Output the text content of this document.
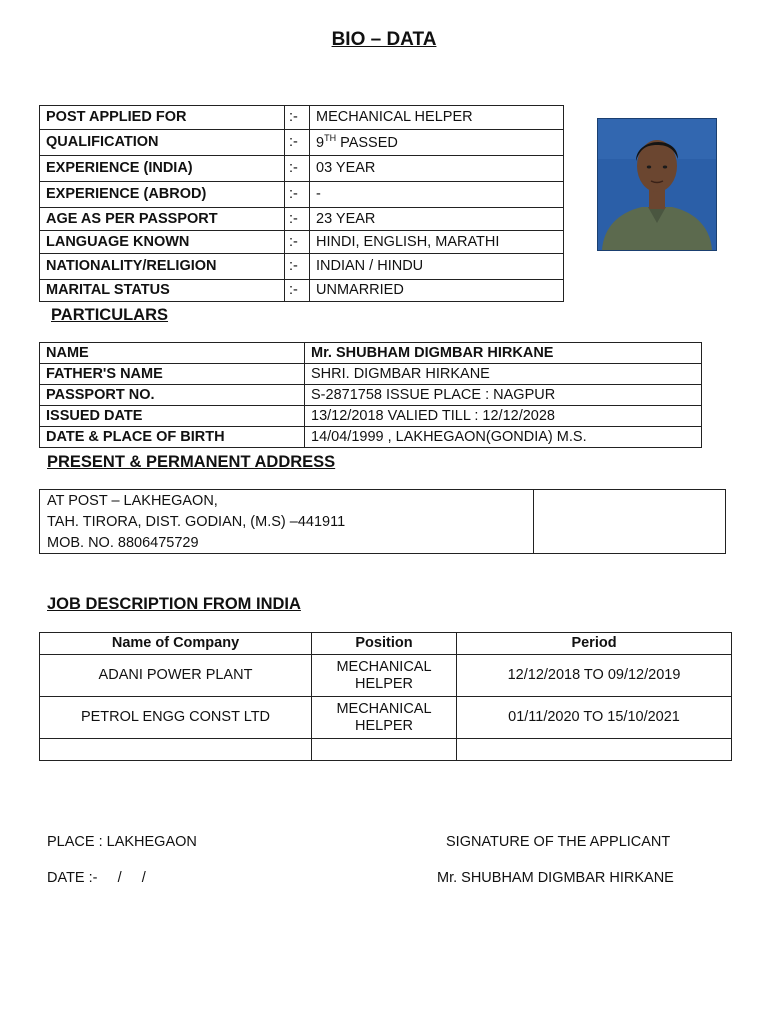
BIO – DATA
POST APPLIED FOR	:-	MECHANICAL HELPER
QUALIFICATION	:-	9TH PASSED
EXPERIENCE (INDIA)	:-	03 YEAR
EXPERIENCE (ABROD)	:-	-
AGE AS PER PASSPORT	:-	23 YEAR
LANGUAGE KNOWN	:-	HINDI, ENGLISH, MARATHI
NATIONALITY/RELIGION	:-	INDIAN / HINDU
MARITAL STATUS	:-	UNMARRIED
PARTICULARS
NAME	Mr. SHUBHAM DIGMBAR HIRKANE
FATHER'S NAME	SHRI. DIGMBAR HIRKANE
PASSPORT NO.	S-2871758 ISSUE PLACE : NAGPUR
ISSUED DATE	13/12/2018 VALIED TILL : 12/12/2028
DATE & PLACE OF BIRTH	14/04/1999 , LAKHEGAON(GONDIA) M.S.
PRESENT & PERMANENT ADDRESS
AT POST – LAKHEGAON,
TAH. TIRORA, DIST. GODIAN, (M.S) –441911
MOB. NO. 8806475729
JOB DESCRIPTION FROM INDIA
Name of Company	Position	Period
ADANI POWER PLANT	MECHANICAL HELPER	12/12/2018 TO 09/12/2019
PETROL ENGG CONST LTD	MECHANICAL HELPER	01/11/2020 TO 15/10/2021

PLACE : LAKHEGAON
DATE :-     /     /
SIGNATURE OF THE APPLICANT
Mr. SHUBHAM DIGMBAR HIRKANE
